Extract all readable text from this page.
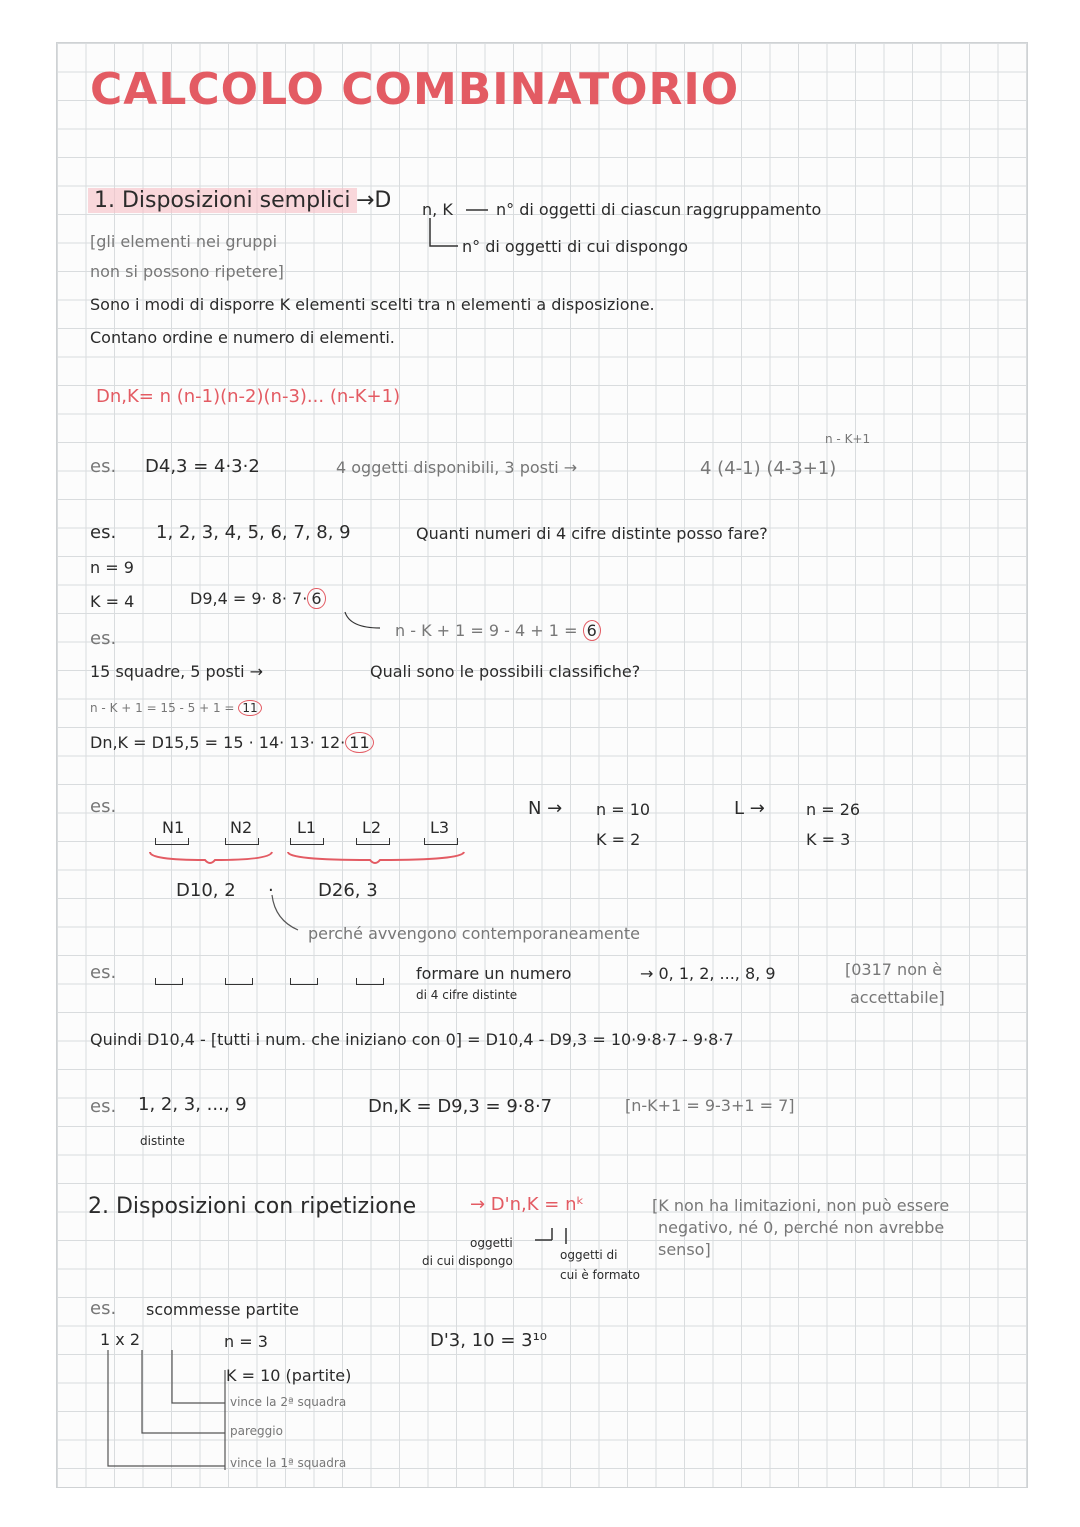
CALCOLO COMBINATORIO
1. Disposizioni semplici →D n, K	n° di oggetti di ciascun raggruppamento
n° di oggetti di cui dispongo
[gli elementi nei gruppi
non si possono ripetere]
Sono i modi di disporre K elementi scelti tra n elementi a disposizione.
Contano ordine e numero di elementi.
Dn,K= n (n-1)(n-2)(n-3)... (n-K+1)
n - K+1
es. D4,3 = 4·3·2	4 oggetti disponibili, 3 posti →	4 (4-1) (4-3+1)
es. 1, 2, 3, 4, 5, 6, 7, 8, 9	Quanti numeri di 4 cifre distinte posso fare?
n = 9
K = 4	D9,4 = 9· 8· 7· 6
n - K + 1 = 9 - 4 + 1 = 6
es.
15 squadre, 5 posti →	Quali sono le possibili classifiche?
n - K + 1 = 15 - 5 + 1 = 11
Dn,K = D15,5 = 15 · 14· 13· 12· 11
es.
N1	N2	L1	L2	L3
D10, 2 · D26, 3
perché avvengono contemporaneamente
N → n = 10
K = 2
L →	n = 26
K = 3
es.	formare un numero
di 4 cifre distinte
→ 0, 1, 2, ..., 8, 9	[0317 non è
accettabile]
Quindi D10,4 - [tutti i num. che iniziano con 0] = D10,4 - D9,3 = 10·9·8·7 - 9·8·7
es. 1, 2, 3, ..., 9
distinte
Dn,K = D9,3 = 9·8·7	[n-K+1 = 9-3+1 = 7]
2. Disposizioni con ripetizione	→ D'n,K = nᵏ	[K non ha limitazioni, non può essere
negativo, né 0, perché non avrebbe
senso]
oggetti
di cui dispongo	oggetti di
cui è formato
es. scommesse partite
1 x 2	n = 3
K = 10 (partite)
vince la 2ª squadra
pareggio
vince la 1ª squadra
D'3, 10 = 3¹⁰
